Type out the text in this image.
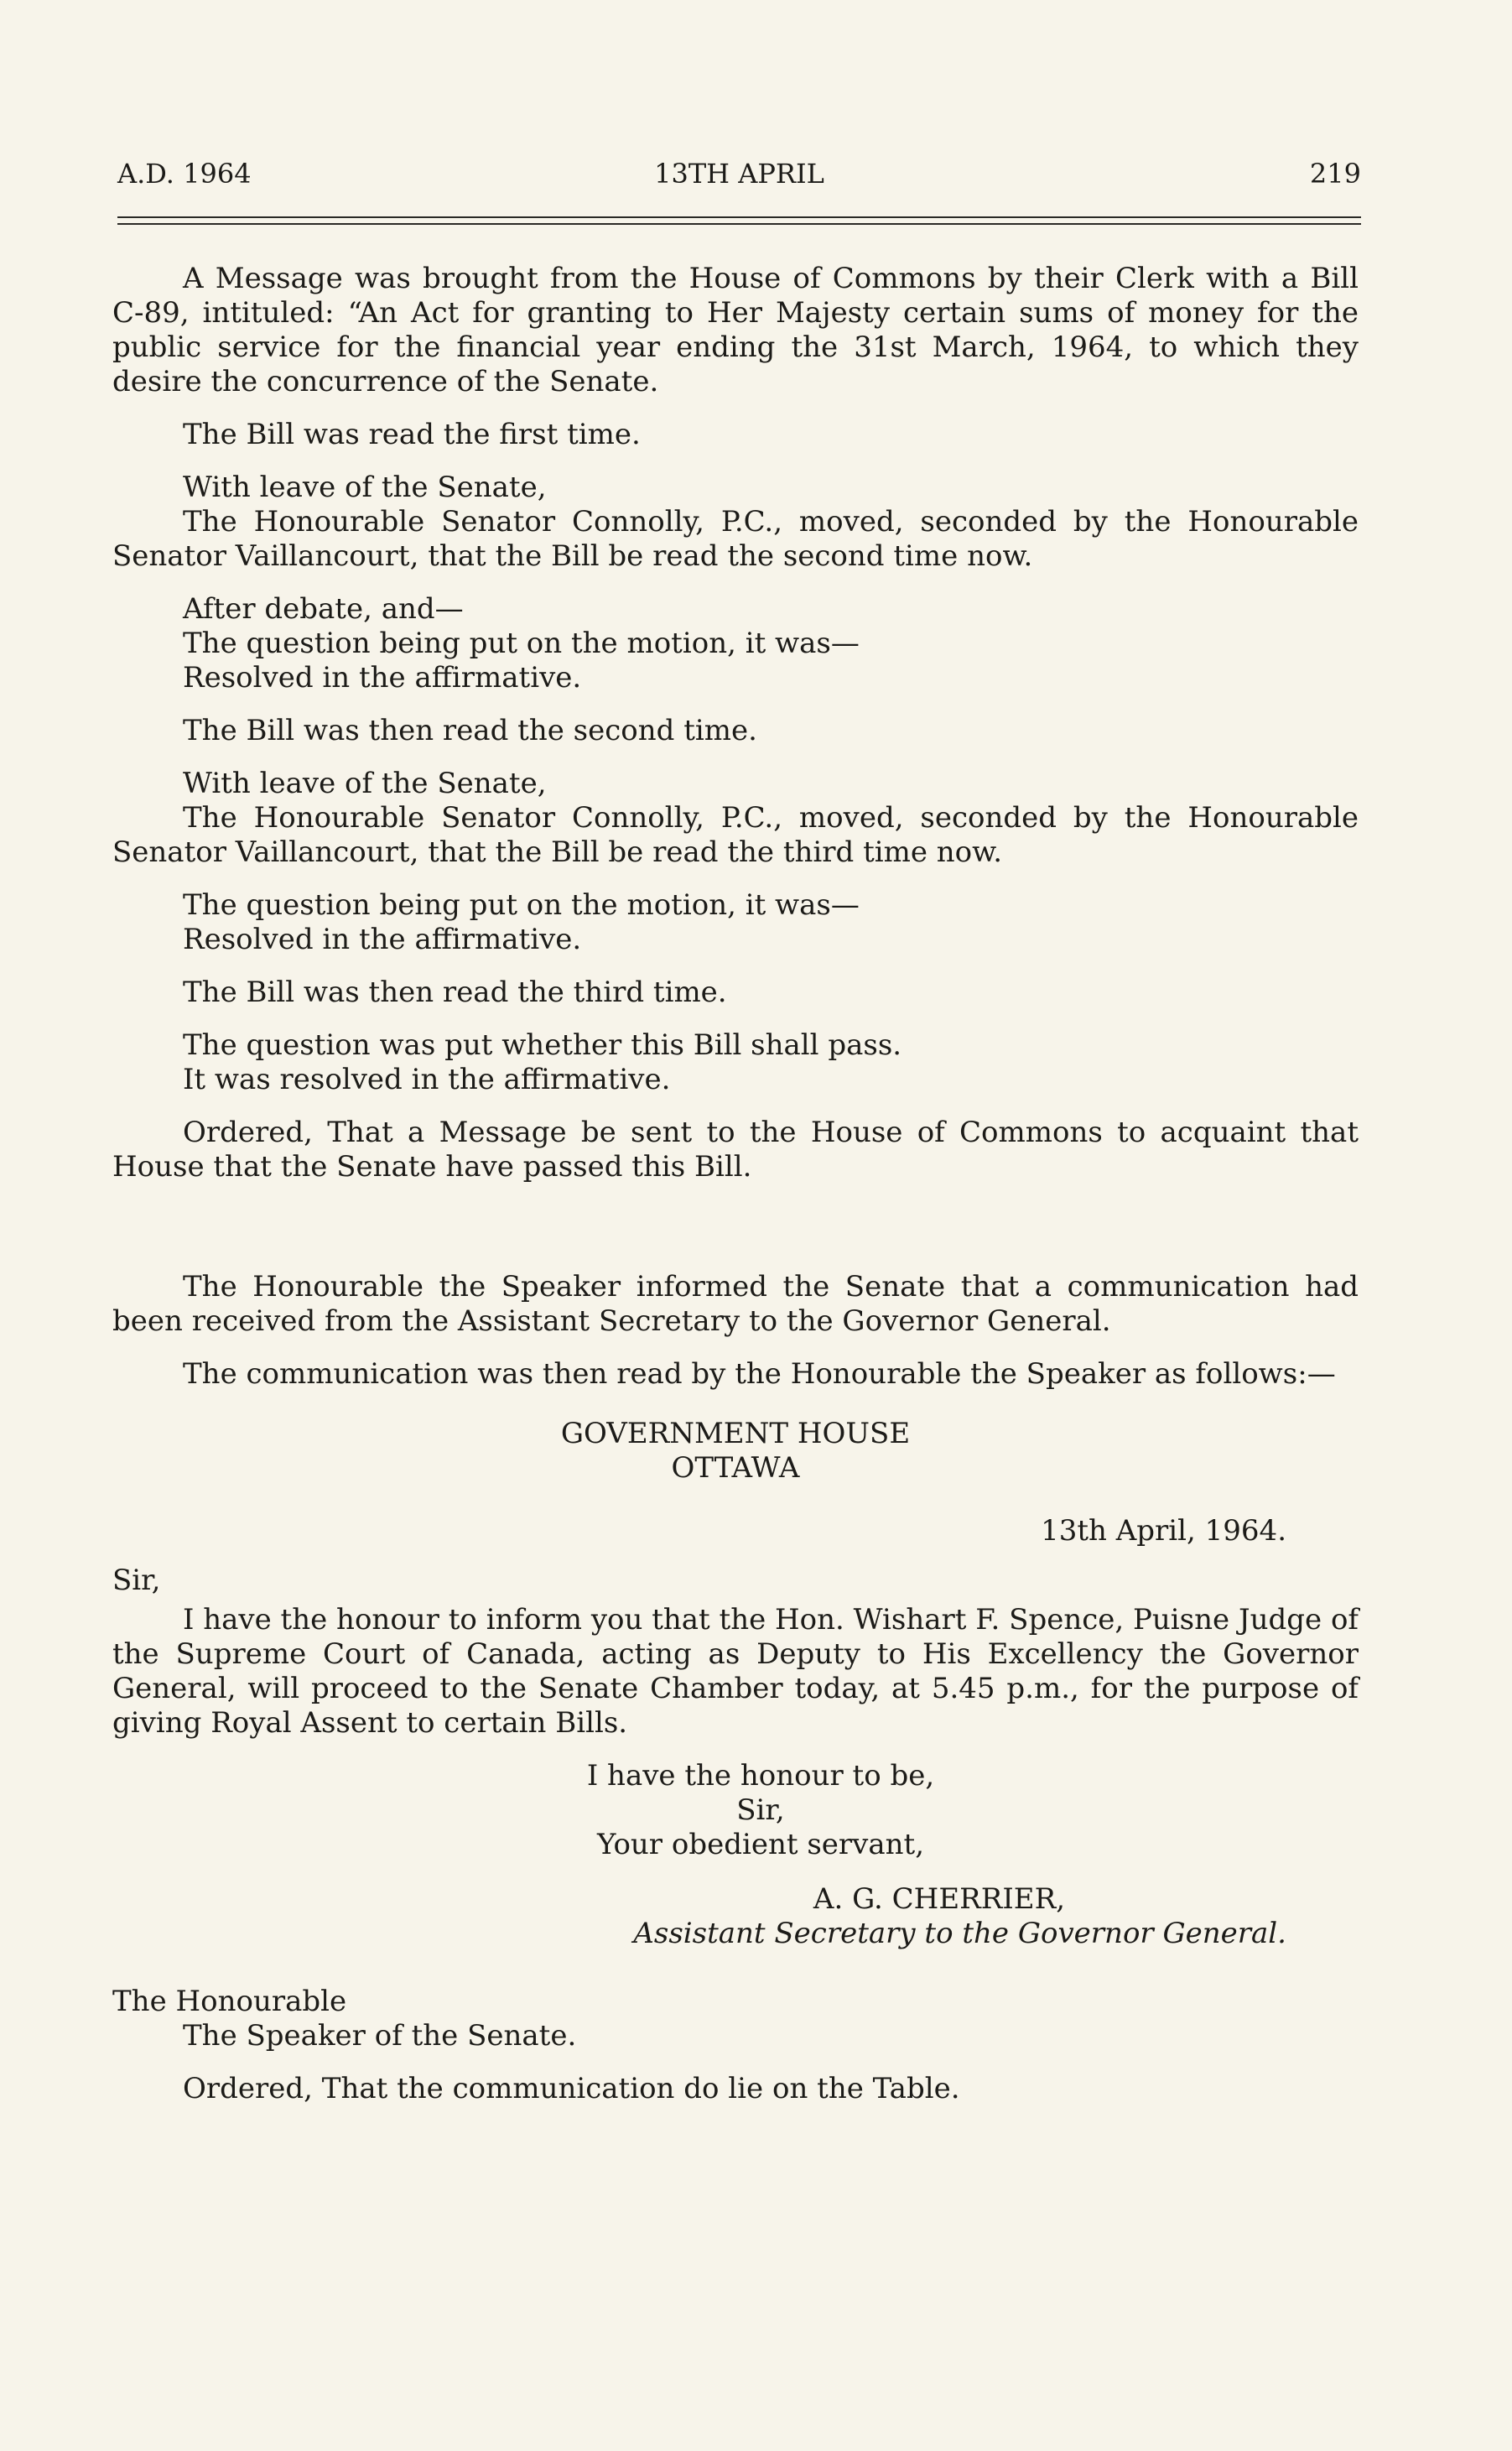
A.D. 1964	13TH APRIL	219

A Message was brought from the House of Commons by their Clerk with a Bill C-89, intituled: “An Act for granting to Her Majesty certain sums of money for the public service for the financial year ending the 31st March, 1964, to which they desire the concurrence of the Senate.

The Bill was read the first time.

With leave of the Senate,

The Honourable Senator Connolly, P.C., moved, seconded by the Honourable Senator Vaillancourt, that the Bill be read the second time now.

After debate, and—
The question being put on the motion, it was—
Resolved in the affirmative.

The Bill was then read the second time.

With leave of the Senate,

The Honourable Senator Connolly, P.C., moved, seconded by the Honourable Senator Vaillancourt, that the Bill be read the third time now.

The question being put on the motion, it was—
Resolved in the affirmative.

The Bill was then read the third time.

The question was put whether this Bill shall pass.
It was resolved in the affirmative.

Ordered, That a Message be sent to the House of Commons to acquaint that House that the Senate have passed this Bill.

The Honourable the Speaker informed the Senate that a communication had been received from the Assistant Secretary to the Governor General.

The communication was then read by the Honourable the Speaker as follows:—

GOVERNMENT HOUSE
OTTAWA
13th April, 1964.
Sir,

I have the honour to inform you that the Hon. Wishart F. Spence, Puisne Judge of the Supreme Court of Canada, acting as Deputy to His Excellency the Governor General, will proceed to the Senate Chamber today, at 5.45 p.m., for the purpose of giving Royal Assent to certain Bills.

I have the honour to be,
Sir,
Your obedient servant,
A. G. CHERRIER,
Assistant Secretary to the Governor General.
The Honourable
The Speaker of the Senate.

Ordered, That the communication do lie on the Table.
